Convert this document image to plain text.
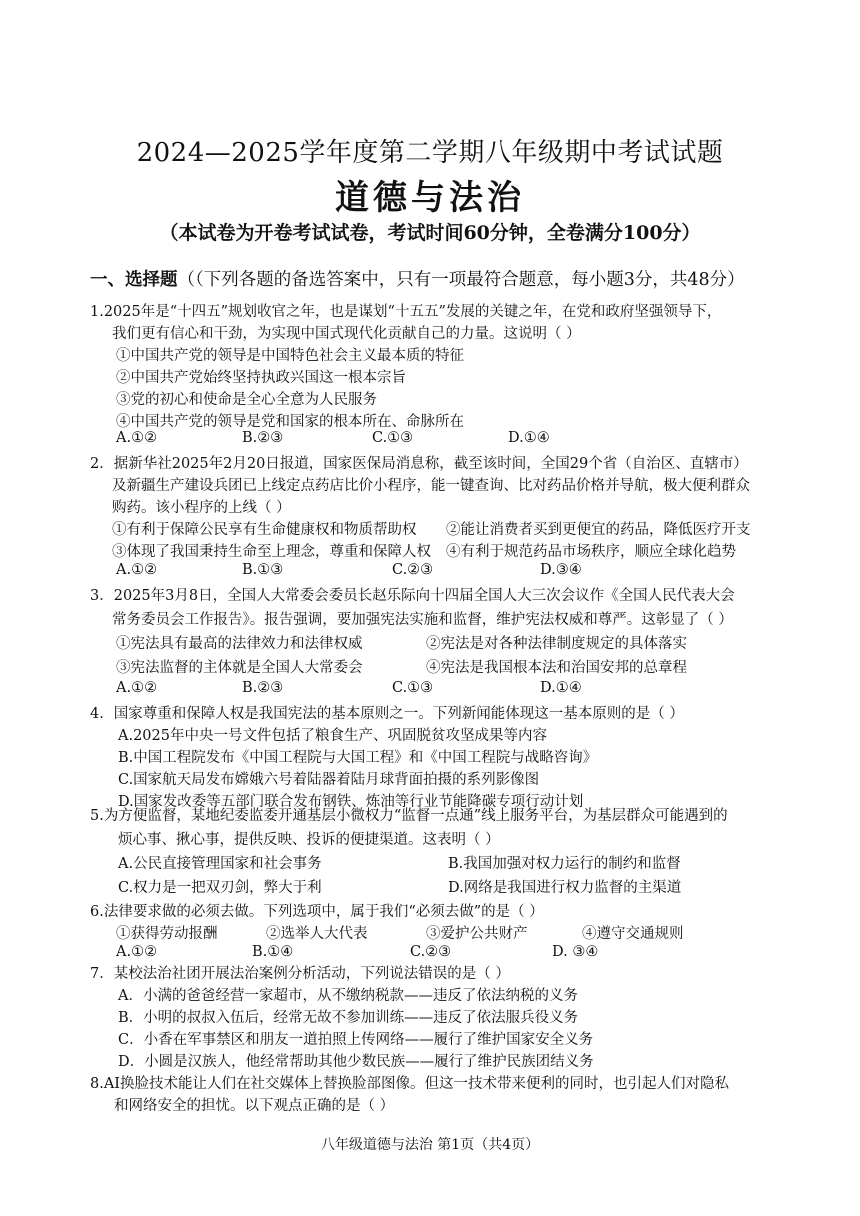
2024—2025学年度第二学期八年级期中考试试题
道德与法治
（本试卷为开卷考试试卷，考试时间60分钟，全卷满分100分）
一、选择题（（下列各题的备选答案中，只有一项最符合题意，每小题3分，共48分）
1.2025年是“十四五”规划收官之年，也是谋划“十五五”发展的关键之年，在党和政府坚强领导下，
我们更有信心和干劲，为实现中国式现代化贡献自己的力量。这说明（ ）
①中国共产党的领导是中国特色社会主义最本质的特征
②中国共产党始终坚持执政兴国这一根本宗旨
③党的初心和使命是全心全意为人民服务
④中国共产党的领导是党和国家的根本所在、命脉所在
A.①②	B.②③	C.①③	D.①④
2．据新华社2025年2月20日报道，国家医保局消息称，截至该时间，全国29个省（自治区、直辖市）
及新疆生产建设兵团已上线定点药店比价小程序，能一键查询、比对药品价格并导航，极大便利群众
购药。该小程序的上线（ ）
①有利于保障公民享有生命健康权和物质帮助权 ②能让消费者买到更便宜的药品，降低医疗开支
③体现了我国秉持生命至上理念，尊重和保障人权 ④有利于规范药品市场秩序，顺应全球化趋势
A.①②	B.①③	C.②③	D.③④
3．2025年3月8日，全国人大常委会委员长赵乐际向十四届全国人大三次会议作《全国人民代表大会
常务委员会工作报告》。报告强调，要加强宪法实施和监督，维护宪法权威和尊严。这彰显了（ ）
①宪法具有最高的法律效力和法律权威	②宪法是对各种法律制度规定的具体落实
③宪法监督的主体就是全国人大常委会	④宪法是我国根本法和治国安邦的总章程
A.①②	B.②③	C.①③	D.①④
4．国家尊重和保障人权是我国宪法的基本原则之一。下列新闻能体现这一基本原则的是（ ）
A.2025年中央一号文件包括了粮食生产、巩固脱贫攻坚成果等内容
B.中国工程院发布《中国工程院与大国工程》和《中国工程院与战略咨询》
C.国家航天局发布嫦娥六号着陆器着陆月球背面拍摄的系列影像图
D.国家发改委等五部门联合发布钢铁、炼油等行业节能降碳专项行动计划
5.为方便监督，某地纪委监委开通基层小微权力“监督一点通”线上服务平台，为基层群众可能遇到的
烦心事、揪心事，提供反映、投诉的便捷渠道。这表明（ ）
A.公民直接管理国家和社会事务	B.我国加强对权力运行的制约和监督
C.权力是一把双刃剑，弊大于利	D.网络是我国进行权力监督的主渠道
6.法律要求做的必须去做。下列选项中，属于我们“必须去做”的是（ ）
①获得劳动报酬	②选举人大代表	③爱护公共财产	④遵守交通规则
A.①②	B.①④	C.②③	D. ③④
7．某校法治社团开展法治案例分析活动，下列说法错误的是（ ）
A．小满的爸爸经营一家超市，从不缴纳税款——违反了依法纳税的义务
B．小明的叔叔入伍后，经常无故不参加训练——违反了依法服兵役义务
C．小香在军事禁区和朋友一道拍照上传网络——履行了维护国家安全义务
D．小圆是汉族人，他经常帮助其他少数民族——履行了维护民族团结义务
八年级道德与法治 第1页（共4页）
8.AI换脸技术能让人们在社交媒体上替换脸部图像。但这一技术带来便利的同时，也引起人们对隐私
和网络安全的担忧。以下观点正确的是（ ）
